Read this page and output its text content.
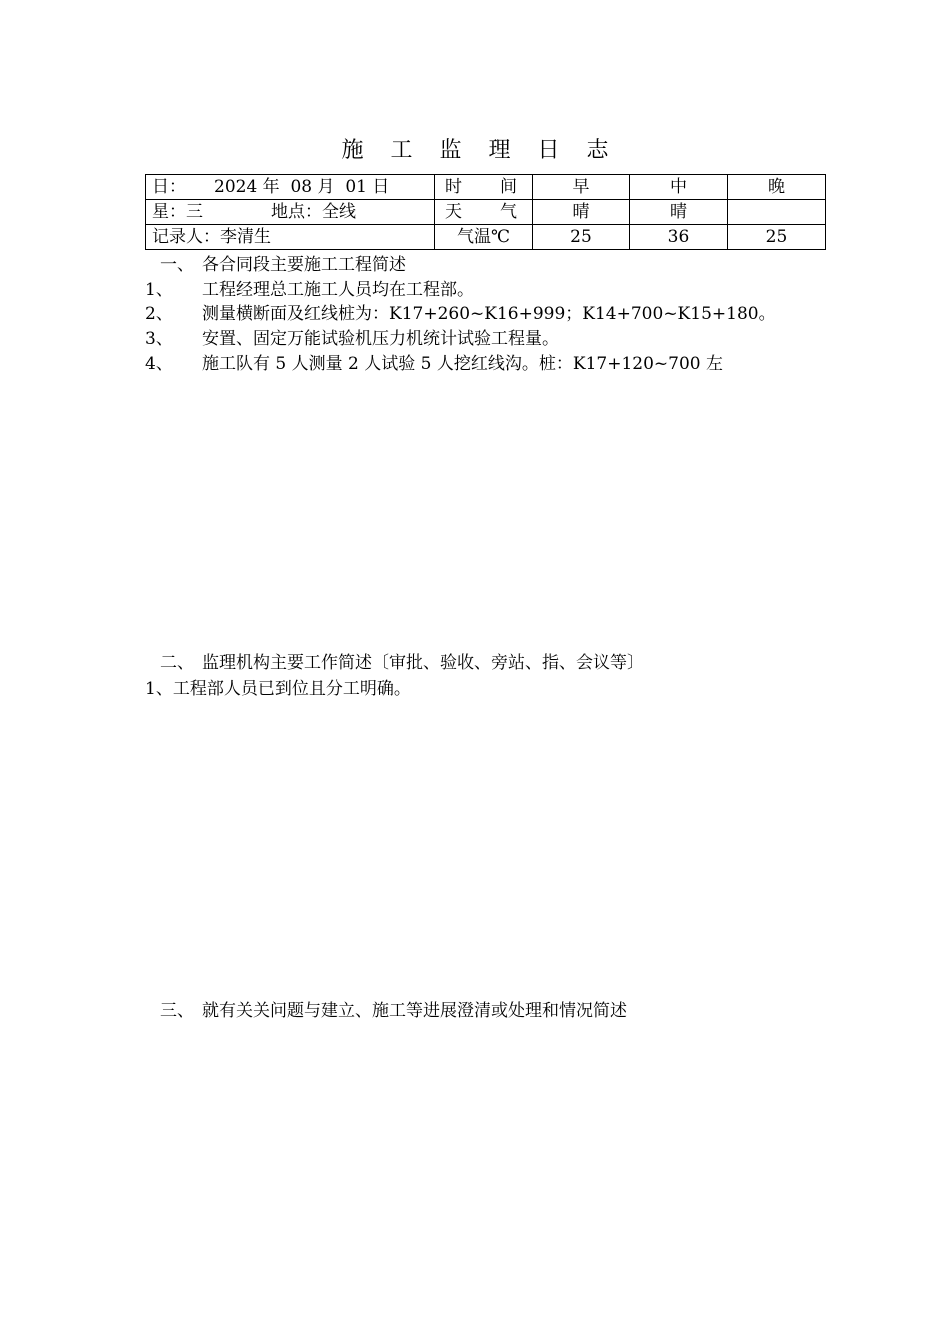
施 工 监 理 日 志
日： 2024 年  08 月  01 日	时 间	早	中	晚
星：三 地点：全线	天 气	晴	晴	
记录人：李清生	气温℃	25	36	25
一、 各合同段主要施工工程简述
1、 工程经理总工施工人员均在工程部。
2、 测量横断面及红线桩为：K17+260~K16+999；K14+700~K15+180。
3、 安置、固定万能试验机压力机统计试验工程量。
4、 施工队有 5 人测量 2 人试验 5 人挖红线沟。桩：K17+120~700 左
二、 监理机构主要工作简述〔审批、验收、旁站、指、会议等〕
1、工程部人员已到位且分工明确。
三、 就有关关问题与建立、施工等进展澄清或处理和情况简述
